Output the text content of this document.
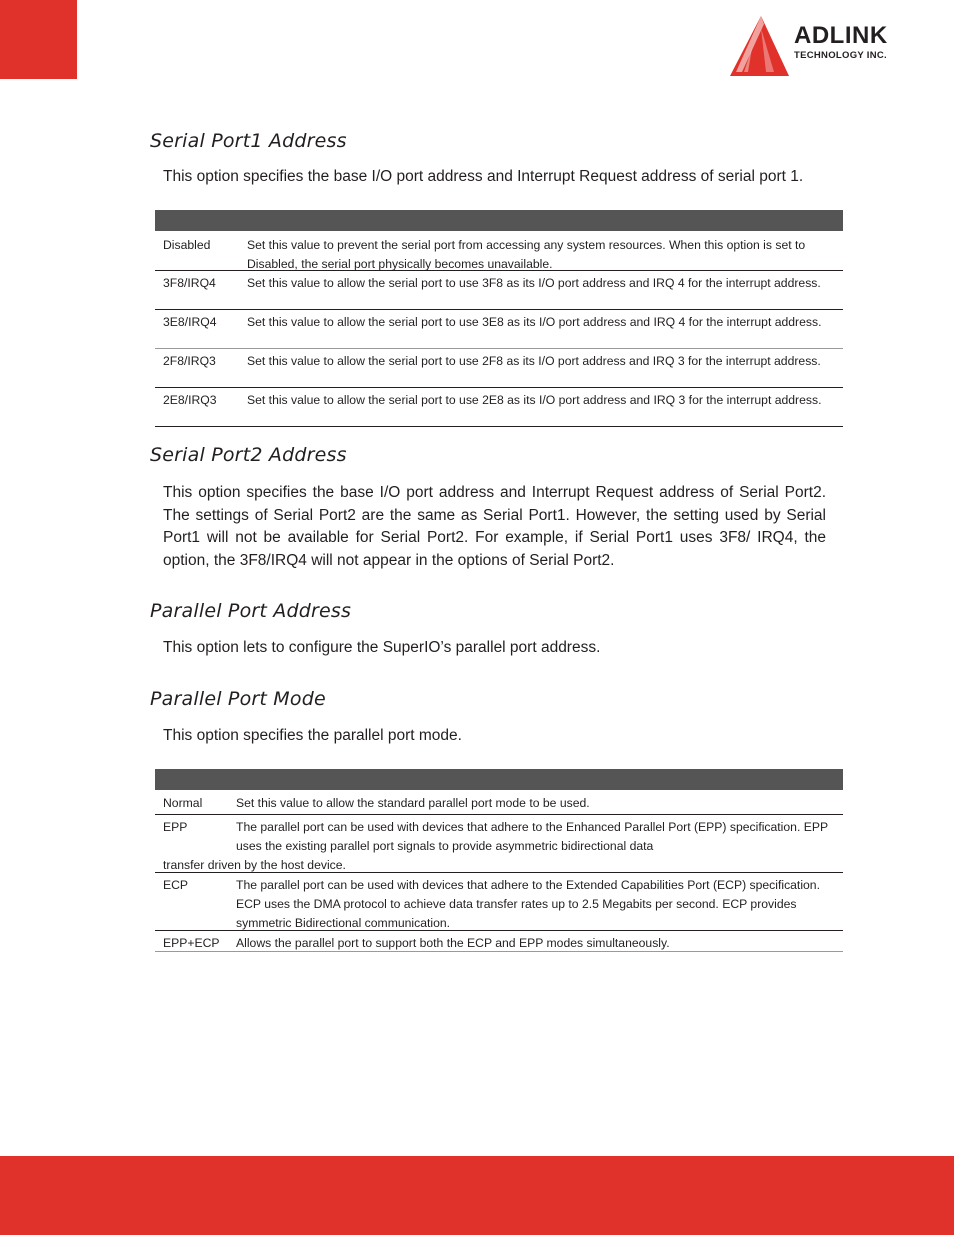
ADLINK
TECHNOLOGY INC.
Serial Port1 Address

This option specifies the base I/O port address and Interrupt Request address of serial port 1.

Disabled	Set this value to prevent the serial port from accessing any system resources. When this option is set to Disabled, the serial port physically becomes unavailable.

3F8/IRQ4	Set this value to allow the serial port to use 3F8 as its I/O port address and IRQ 4 for the interrupt address.

3E8/IRQ4	Set this value to allow the serial port to use 3E8 as its I/O port address and IRQ 4 for the interrupt address.

2F8/IRQ3	Set this value to allow the serial port to use 2F8 as its I/O port address and IRQ 3 for the interrupt address.

2E8/IRQ3	Set this value to allow the serial port to use 2E8 as its I/O port address and IRQ 3 for the interrupt address.

Serial Port2 Address

This option specifies the base I/O port address and Interrupt Request address of Serial Port2. The settings of Serial Port2 are the same as Serial Port1. However, the setting used by Serial Port1 will not be available for Serial Port2. For example, if Serial Port1 uses 3F8/ IRQ4, the option, the 3F8/IRQ4 will not appear in the options of Serial Port2.

Parallel Port Address

This option lets to configure the SuperIO’s parallel port address.

Parallel Port Mode

This option specifies the parallel port mode.

Normal	Set this value to allow the standard parallel port mode to be used.

EPP	The parallel port can be used with devices that adhere to the Enhanced Parallel Port (EPP) specification. EPP uses the existing parallel port signals to provide asymmetric bidirectional data
transfer driven by the host device.

ECP	The parallel port can be used with devices that adhere to the Extended Capabilities Port (ECP) specification. ECP uses the DMA protocol to achieve data transfer rates up to 2.5 Megabits per second. ECP provides symmetric Bidirectional communication.

EPP+ECP	Allows the parallel port to support both the ECP and EPP modes simultaneously.
